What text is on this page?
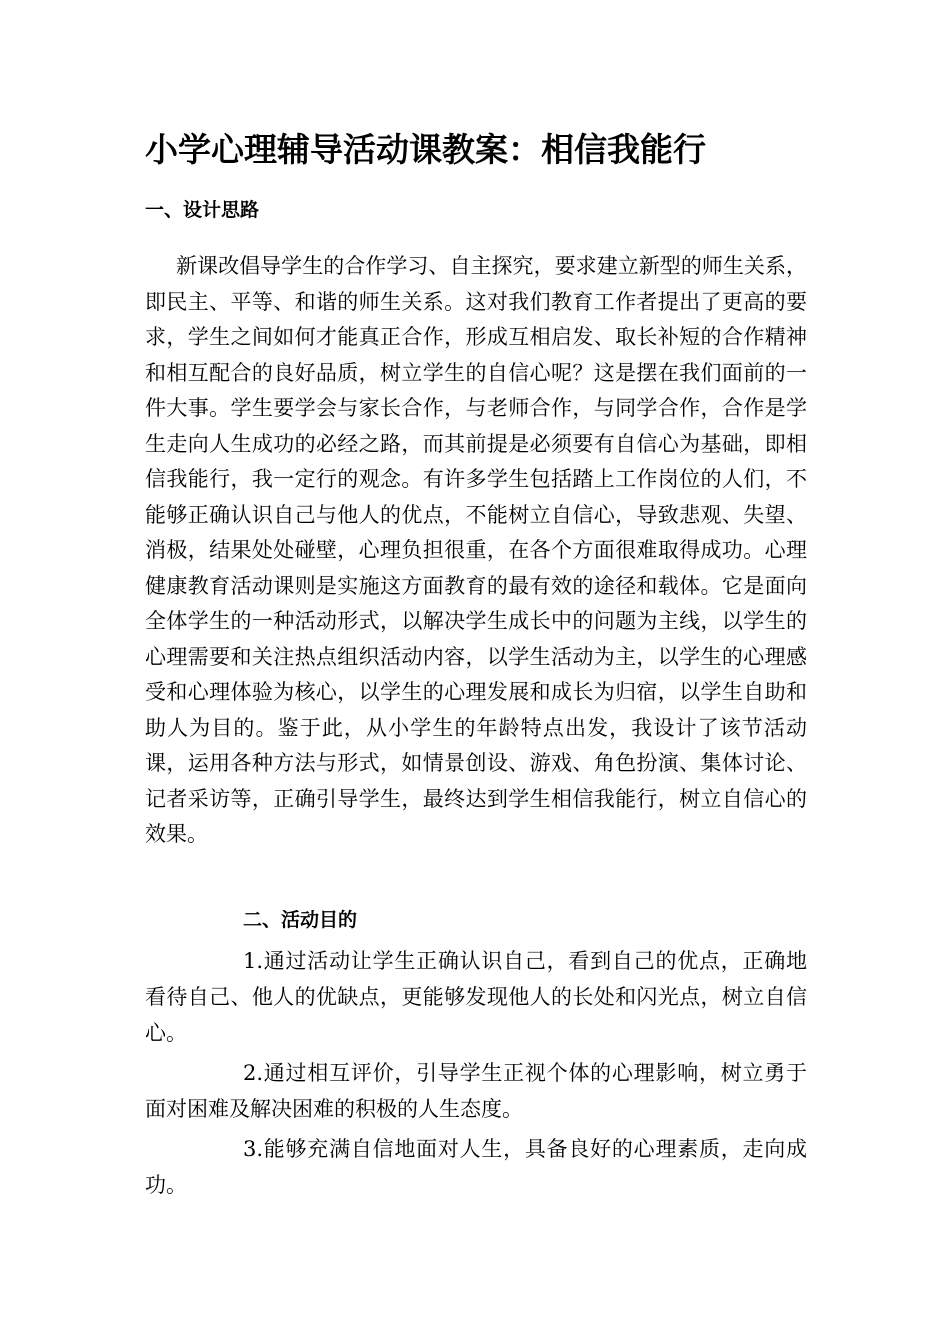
小学心理辅导活动课教案：相信我能行
一、设计思路

新课改倡导学生的合作学习、自主探究，要求建立新型的师生关系，即民主、平等、和谐的师生关系。这对我们教育工作者提出了更高的要求，学生之间如何才能真正合作，形成互相启发、取长补短的合作精神和相互配合的良好品质，树立学生的自信心呢？这是摆在我们面前的一件大事。学生要学会与家长合作，与老师合作，与同学合作，合作是学生走向人生成功的必经之路，而其前提是必须要有自信心为基础，即相信我能行，我一定行的观念。有许多学生包括踏上工作岗位的人们，不能够正确认识自己与他人的优点，不能树立自信心，导致悲观、失望、消极，结果处处碰壁，心理负担很重，在各个方面很难取得成功。心理健康教育活动课则是实施这方面教育的最有效的途径和载体。它是面向全体学生的一种活动形式，以解决学生成长中的问题为主线，以学生的心理需要和关注热点组织活动内容，以学生活动为主，以学生的心理感受和心理体验为核心，以学生的心理发展和成长为归宿，以学生自助和助人为目的。鉴于此，从小学生的年龄特点出发，我设计了该节活动课，运用各种方法与形式，如情景创设、游戏、角色扮演、集体讨论、记者采访等，正确引导学生，最终达到学生相信我能行，树立自信心的效果。

二、活动目的

1.通过活动让学生正确认识自己，看到自己的优点，正确地看待自己、他人的优缺点，更能够发现他人的长处和闪光点，树立自信心。

2.通过相互评价，引导学生正视个体的心理影响，树立勇于面对困难及解决困难的积极的人生态度。

3.能够充满自信地面对人生，具备良好的心理素质，走向成功。
